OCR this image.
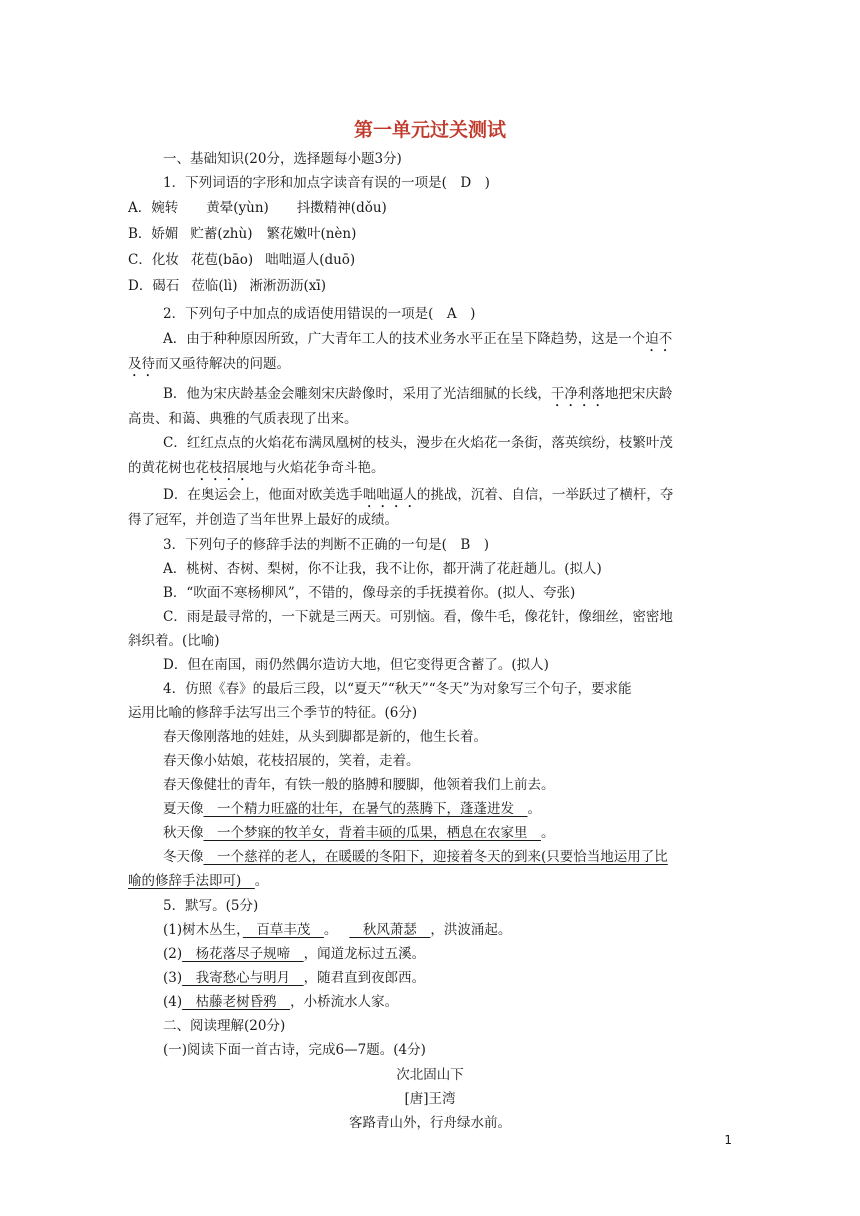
第一单元过关测试
一、基础知识(20分，选择题每小题3分)
1．下列词语的字形和加点字读音有误的一项是(　D　)
A．婉转 黄晕(yùn) 抖擞精神(dǒu)
B．娇媚 贮蓄(zhù) 繁花嫩叶(nèn)
C．化妆 花苞(bāo) 咄咄逼人(duō)
D．碣石 莅临(lì) 淅淅沥沥(xī)
2．下列句子中加点的成语使用错误的一项是(　A　)
A．由于种种原因所致，广大青年工人的技术业务水平正在呈下降趋势，这是一个迫不
及待而又亟待解决的问题。
B．他为宋庆龄基金会雕刻宋庆龄像时，采用了光洁细腻的长线，干净利落地把宋庆龄
高贵、和蔼、典雅的气质表现了出来。
C．红红点点的火焰花布满凤凰树的枝头，漫步在火焰花一条街，落英缤纷，枝繁叶茂
的黄花树也花枝招展地与火焰花争奇斗艳。
D．在奥运会上，他面对欧美选手咄咄逼人的挑战，沉着、自信，一举跃过了横杆，夺
得了冠军，并创造了当年世界上最好的成绩。
3．下列句子的修辞手法的判断不正确的一句是(　B　)
A．桃树、杏树、梨树，你不让我，我不让你，都开满了花赶趟儿。(拟人)
B．“吹面不寒杨柳风”，不错的，像母亲的手抚摸着你。(拟人、夸张)
C．雨是最寻常的，一下就是三两天。可别恼。看，像牛毛，像花针，像细丝，密密地
斜织着。(比喻)
D．但在南国，雨仍然偶尔造访大地，但它变得更含蓄了。(拟人)
4．仿照《春》的最后三段，以“夏天”“秋天”“冬天”为对象写三个句子，要求能
运用比喻的修辞手法写出三个季节的特征。(6分)
春天像刚落地的娃娃，从头到脚都是新的，他生长着。
春天像小姑娘，花枝招展的，笑着，走着。
春天像健壮的青年，有铁一般的胳膊和腰脚，他领着我们上前去。
夏天像　一个精力旺盛的壮年，在暑气的蒸腾下，蓬蓬进发　。
秋天像　一个梦寐的牧羊女，背着丰硕的瓜果，栖息在农家里　。
冬天像　一个慈祥的老人，在暖暖的冬阳下，迎接着冬天的到来(只要恰当地运用了比
喻的修辞手法即可)　。
5．默写。(5分)
(1)树木丛生，　百草丰茂　。　秋风萧瑟　，洪波涌起。
(2)　杨花落尽子规啼　，闻道龙标过五溪。
(3)　我寄愁心与明月　，随君直到夜郎西。
(4)　枯藤老树昏鸦　，小桥流水人家。
二、阅读理解(20分)
(一)阅读下面一首古诗，完成6—7题。(4分)
次北固山下
[唐]王湾
客路青山外，行舟绿水前。
1
